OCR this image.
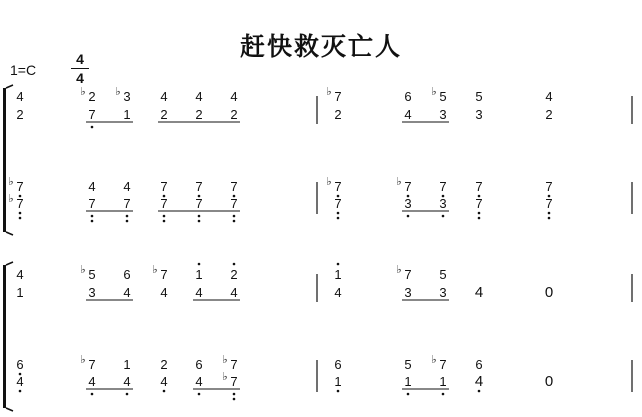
赶快救灭亡人
1=C
4
4
4	2
♭	3
♭	4 4 4	7
♭	6 5
♭	5	4
2	7 1 2 2 2	2	4 3 3	2
7
♭	4 4 7 7 7	7
♭	7
♭	7 7	7
7
♭	7 7 7 7 7	7	3 3 7	7
4	5
♭	6 7
♭	1 2	1	7
♭	5
1	3 4 4 4 4	4	3 3 4	0
6	7
♭	1 2 6 7
♭	6	5 7
♭	6
4	4 4 4 4 7
♭	1	1 1 4	0
